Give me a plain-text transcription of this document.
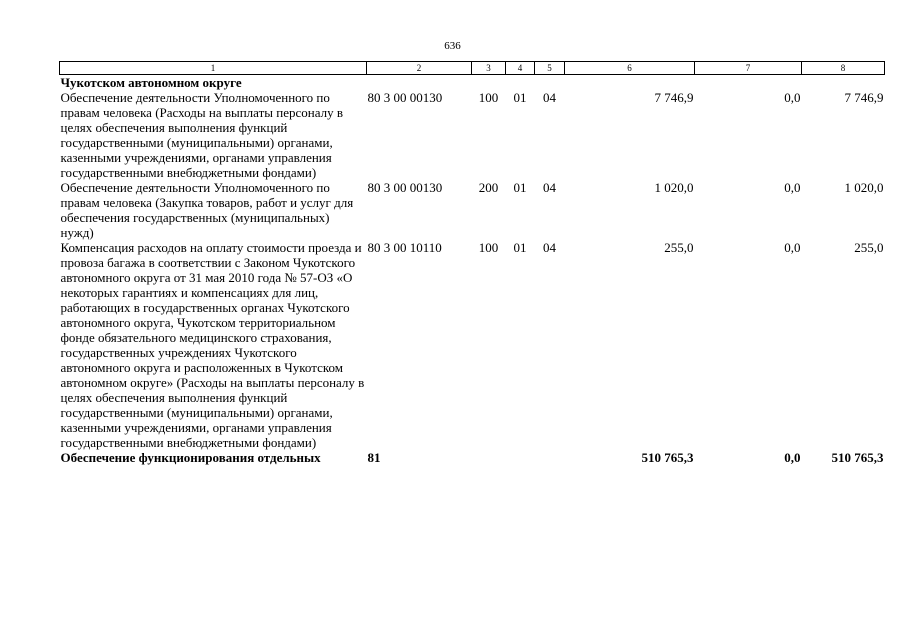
636
1	2	3	4	5	6	7	8
Чукотском автономном округе							
Обеспечение деятельности Уполномоченного по правам человека (Расходы на выплаты персоналу в целях обеспечения выполнения функций государственными (муниципальными) органами, казенными учреждениями, органами управления государственными внебюджетными фондами)	80 3 00 00130	100	01	04	7 746,9	0,0	7 746,9
Обеспечение деятельности Уполномоченного по правам человека (Закупка товаров, работ и услуг для обеспечения государственных (муниципальных) нужд)	80 3 00 00130	200	01	04	1 020,0	0,0	1 020,0
Компенсация расходов на оплату стоимости проезда и провоза багажа в соответствии с Законом Чукотского автономного округа от 31 мая 2010 года № 57-ОЗ «О некоторых гарантиях и компенсациях для лиц, работающих в государственных органах Чукотского автономного округа, Чукотском территориальном фонде обязательного медицинского страхования, государственных учреждениях Чукотского автономного округа и расположенных в Чукотском автономном округе» (Расходы на выплаты персоналу в целях обеспечения выполнения функций государственными (муниципальными) органами, казенными учреждениями, органами управления государственными внебюджетными фондами)	80 3 00 10110	100	01	04	255,0	0,0	255,0
Обеспечение функционирования отдельных	81				510 765,3	0,0	510 765,3
